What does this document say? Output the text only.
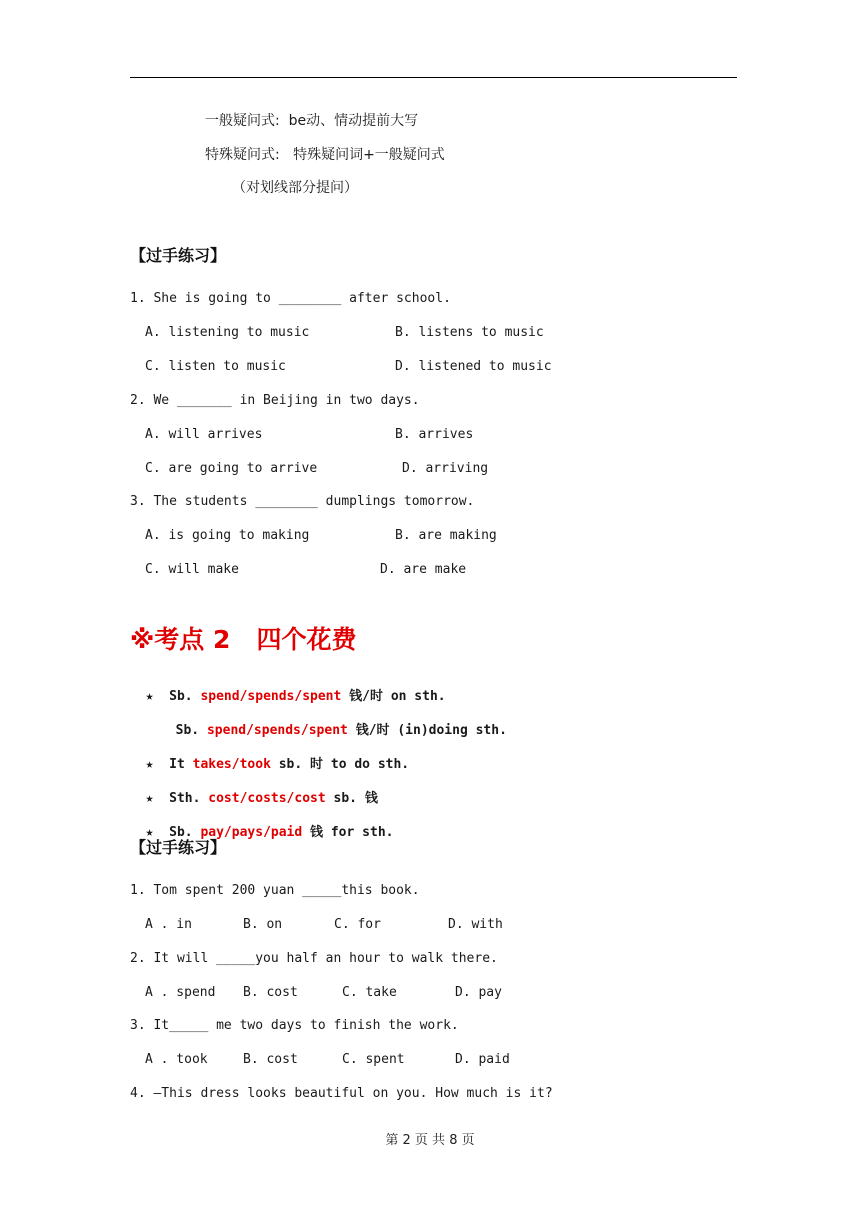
一般疑问式:  be动、情动提前大写
特殊疑问式:   特殊疑问词+一般疑问式
（对划线部分提问）
【过手练习】
1. She is going to ________ after school.
A. listening to music	B. listens to music
C. listen to music	D. listened to music
2. We _______ in Beijing in two days.
A. will arrives	B. arrives
C. are going to arrive	D. arriving
3. The students ________ dumplings tomorrow.
A. is going to making	B. are making
C. will make	D. are make
※考点 2   四个花费

★ Sb. spend/spends/spent 钱/时 on sth.

Sb. spend/spends/spent 钱/时 (in)doing sth.

★ It takes/took sb. 时 to do sth.

★ Sth. cost/costs/cost sb. 钱

★ Sb. pay/pays/paid 钱 for sth.

【过手练习】
1. Tom spent 200 yuan _____this book.
A . in	B. on	C. for	D. with
2. It will _____you half an hour to walk there.
A . spend B. cost	C. take	D. pay
3. It_____ me two days to finish the work.
A . took	B. cost	C. spent	D. paid
4. —This dress looks beautiful on you. How much is it?
第 2 页 共 8 页
